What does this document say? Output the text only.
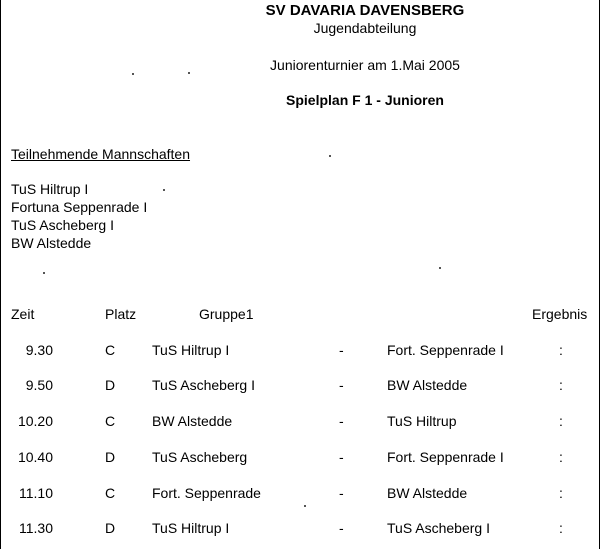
SV DAVARIA DAVENSBERG
Jugendabteilung
Juniorenturnier am 1.Mai 2005
Spielplan F 1 - Junioren
Teilnehmende Mannschaften
TuS Hiltrup I
Fortuna Seppenrade I
TuS Ascheberg I
BW Alstedde
Zeit	Platz	Gruppe1	Ergebnis
9.30	C	TuS Hiltrup I	-	Fort. Seppenrade I	:
9.50	D	TuS Ascheberg I	-	BW Alstedde	:
10.20	C	BW Alstedde	-	TuS Hiltrup	:
10.40	D	TuS Ascheberg	-	Fort. Seppenrade I	:
11.10	C	Fort. Seppenrade	-	BW Alstedde	:
11.30	D	TuS Hiltrup I	-	TuS Ascheberg I	:
